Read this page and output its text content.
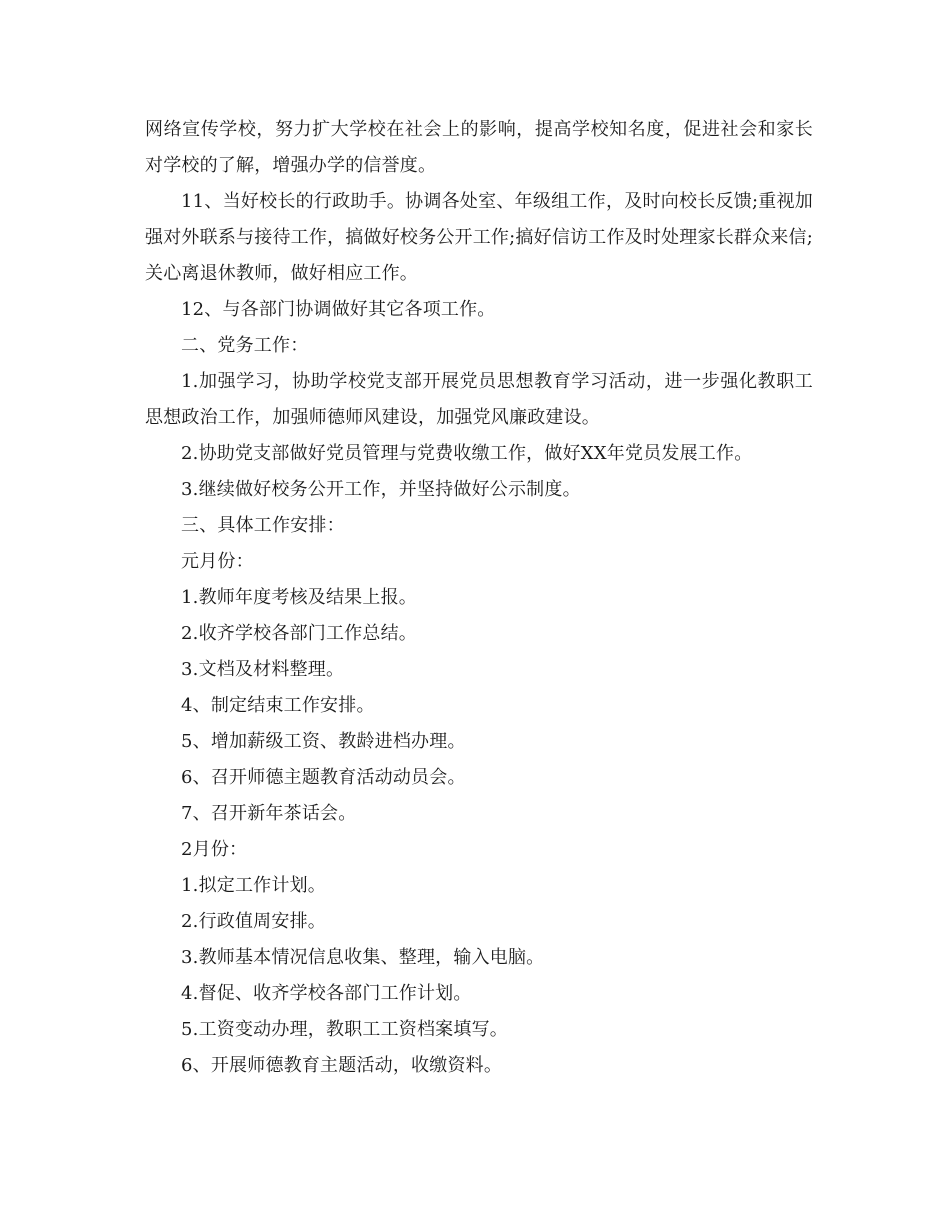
网络宣传学校，努力扩大学校在社会上的影响，提高学校知名度，促进社会和家长对学校的了解，增强办学的信誉度。

11、当好校长的行政助手。协调各处室、年级组工作，及时向校长反馈;重视加强对外联系与接待工作，搞做好校务公开工作;搞好信访工作及时处理家长群众来信;关心离退休教师，做好相应工作。

12、与各部门协调做好其它各项工作。

二、党务工作：

1.加强学习，协助学校党支部开展党员思想教育学习活动，进一步强化教职工思想政治工作，加强师德师风建设，加强党风廉政建设。

2.协助党支部做好党员管理与党费收缴工作，做好XX年党员发展工作。

3.继续做好校务公开工作，并坚持做好公示制度。

三、具体工作安排：

元月份：

1.教师年度考核及结果上报。

2.收齐学校各部门工作总结。

3.文档及材料整理。

4、制定结束工作安排。

5、增加薪级工资、教龄进档办理。

6、召开师德主题教育活动动员会。

7、召开新年茶话会。

2月份：

1.拟定工作计划。

2.行政值周安排。

3.教师基本情况信息收集、整理，输入电脑。

4.督促、收齐学校各部门工作计划。

5.工资变动办理，教职工工资档案填写。

6、开展师德教育主题活动，收缴资料。
